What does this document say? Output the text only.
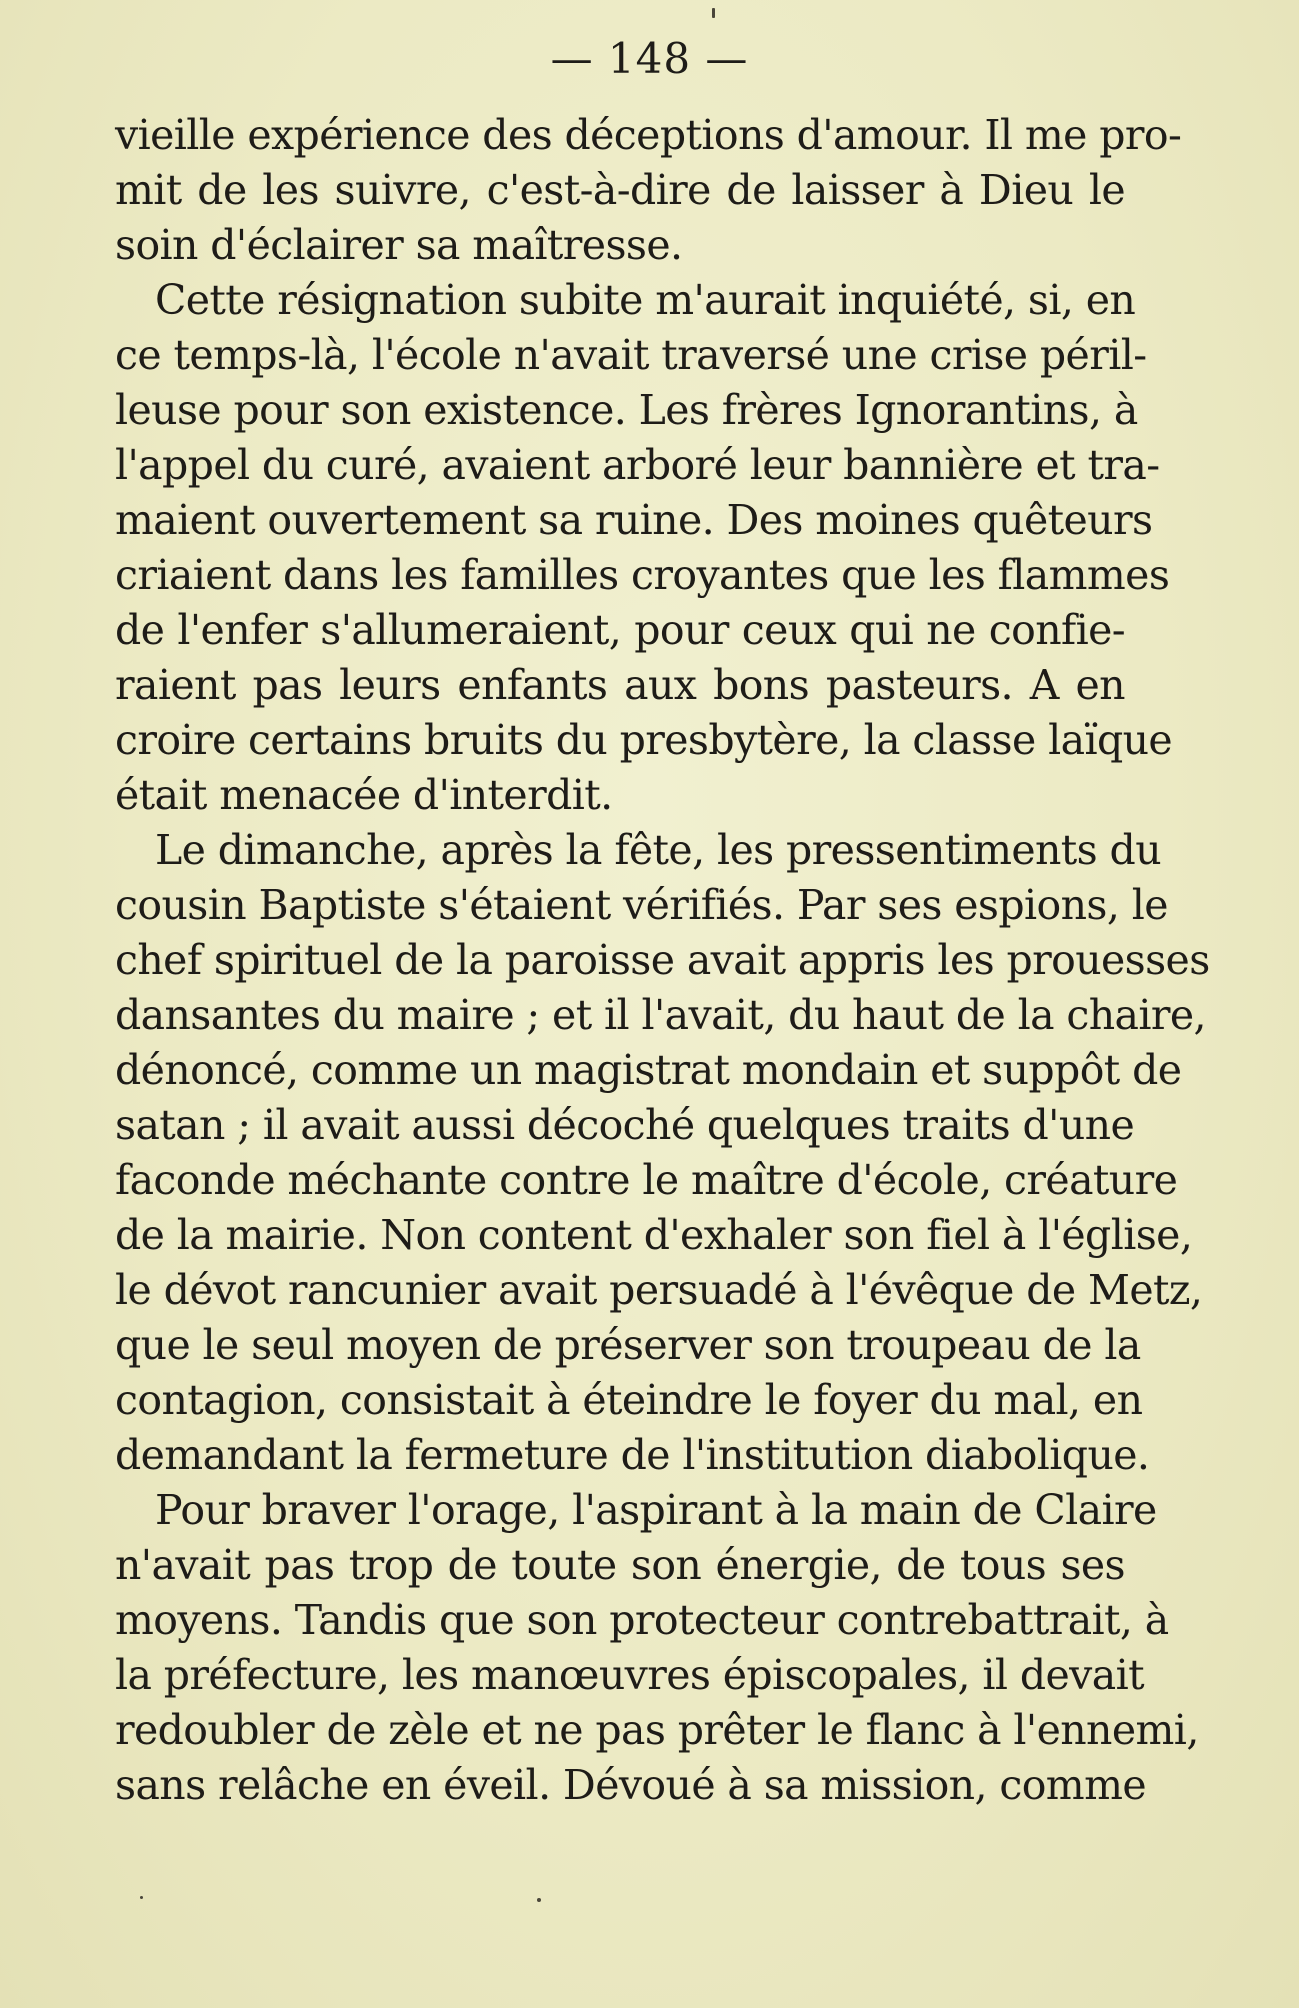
— 148 —
vieille expérience des déceptions d'amour. Il me pro-
mit de les suivre, c'est-à-dire de laisser à Dieu le
soin d'éclairer sa maîtresse.
Cette résignation subite m'aurait inquiété, si, en
ce temps-là, l'école n'avait traversé une crise péril-
leuse pour son existence. Les frères Ignorantins, à
l'appel du curé, avaient arboré leur bannière et tra-
maient ouvertement sa ruine. Des moines quêteurs
criaient dans les familles croyantes que les flammes
de l'enfer s'allumeraient, pour ceux qui ne confie-
raient pas leurs enfants aux bons pasteurs. A en
croire certains bruits du presbytère, la classe laïque
était menacée d'interdit.
Le dimanche, après la fête, les pressentiments du
cousin Baptiste s'étaient vérifiés. Par ses espions, le
chef spirituel de la paroisse avait appris les prouesses
dansantes du maire ; et il l'avait, du haut de la chaire,
dénoncé, comme un magistrat mondain et suppôt de
satan ; il avait aussi décoché quelques traits d'une
faconde méchante contre le maître d'école, créature
de la mairie. Non content d'exhaler son fiel à l'église,
le dévot rancunier avait persuadé à l'évêque de Metz,
que le seul moyen de préserver son troupeau de la
contagion, consistait à éteindre le foyer du mal, en
demandant la fermeture de l'institution diabolique.
Pour braver l'orage, l'aspirant à la main de Claire
n'avait pas trop de toute son énergie, de tous ses
moyens. Tandis que son protecteur contrebattrait, à
la préfecture, les manœuvres épiscopales, il devait
redoubler de zèle et ne pas prêter le flanc à l'ennemi,
sans relâche en éveil. Dévoué à sa mission, comme
